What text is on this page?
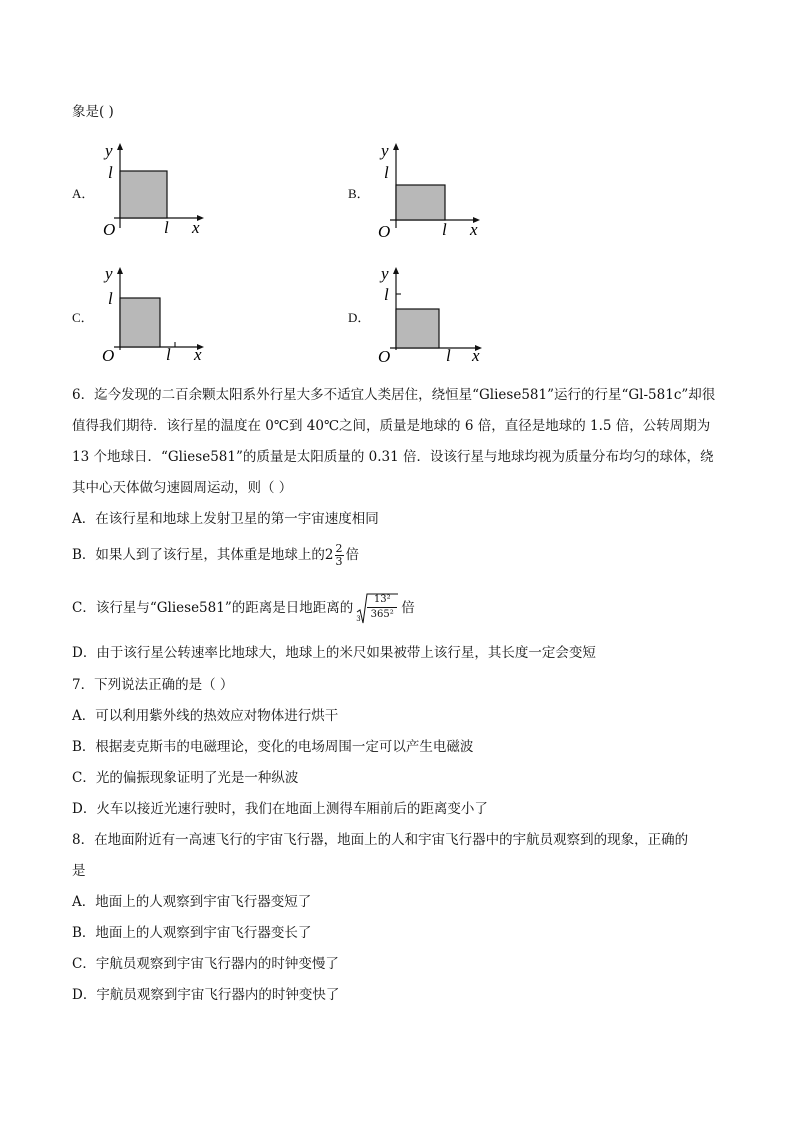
象是( )
A．	B．
C．	D．
y
x
O
l
l
y
x
O
l
l
y
x
O
l
l
y
x
O
l
l
6．迄今发现的二百余颗太阳系外行星大多不适宜人类居住，绕恒星“Gliese581”运行的行星“Gl-581c”却很
值得我们期待．该行星的温度在 0℃到 40℃之间，质量是地球的 6 倍，直径是地球的 1.5 倍，公转周期为
13 个地球日．“Gliese581”的质量是太阳质量的 0.31 倍．设该行星与地球均视为质量分布均匀的球体，绕
其中心天体做匀速圆周运动，则（ ）
A．在该行星和地球上发射卫星的第一宇宙速度相同
B．如果人到了该行星，其体重是地球上的$2 \frac{2}{3}$ 倍
C．该行星与“Gliese581”的距离是日地距离的
$3 \frac{\text{13²}}{\text{365²}}$ 倍
D．由于该行星公转速率比地球大，地球上的米尺如果被带上该行星，其长度一定会变短
7．下列说法正确的是（ ）
A．可以利用紫外线的热效应对物体进行烘干
B．根据麦克斯韦的电磁理论，变化的电场周围一定可以产生电磁波
C．光的偏振现象证明了光是一种纵波
D．火车以接近光速行驶时，我们在地面上测得车厢前后的距离变小了
8．在地面附近有一高速飞行的宇宙飞行器，地面上的人和宇宙飞行器中的宇航员观察到的现象，正确的
是
A．地面上的人观察到宇宙飞行器变短了
B．地面上的人观察到宇宙飞行器变长了
C．宇航员观察到宇宙飞行器内的时钟变慢了
D．宇航员观察到宇宙飞行器内的时钟变快了
